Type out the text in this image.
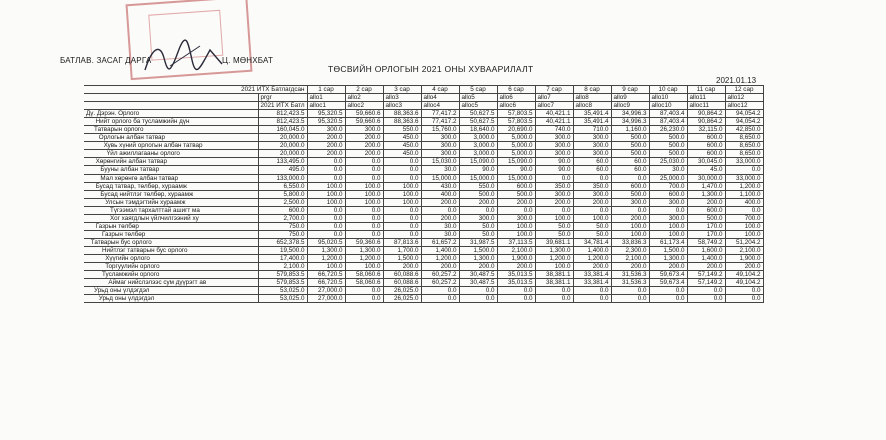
БАТЛАВ. ЗАСАГ ДАРГА	Ц. МӨНХБАТ
ТӨСВИЙН ОРЛОГЫН 2021 ОНЫ ХУВААРИЛАЛТ
2021.01.13
2021 ИТХ Батлагдсан		1 сар	2 сар	3 сар	4 сар	5 сар	6 сар	7 сар	8 сар	9 сар	10 сар	11 сар	12 сар
	prgr	allo1	allo2	allo3	allo4	allo5	allo6	allo7	allo8	allo9	allo10	allo11	allo12
	2021 ИТХ Батл	alloc1	alloc2	alloc3	alloc4	alloc5	alloc6	alloc7	alloc8	alloc9	alloc10	alloc11	alloc12
Дү. Дэрэн. Орлого	812,423.5	95,320.5	59,660.6	88,363.6	77,417.2	50,627.5	57,803.5	40,421.1	35,491.4	34,996.3	87,403.4	90,864.2	94,054.2
Нийт орлого ба тусламжийн дүн	812,423.5	95,320.5	59,660.6	88,363.6	77,417.2	50,627.5	57,803.5	40,421.1	35,491.4	34,996.3	87,403.4	90,864.2	94,054.2
Татварын орлого	160,045.0	300.0	300.0	550.0	15,760.0	18,640.0	20,690.0	740.0	710.0	1,160.0	26,230.0	32,115.0	42,850.0
Орлогын албан татвар	20,000.0	200.0	200.0	450.0	300.0	3,000.0	5,000.0	300.0	300.0	500.0	500.0	600.0	8,650.0
Хувь хүний орлогын албан татвар	20,000.0	200.0	200.0	450.0	300.0	3,000.0	5,000.0	300.0	300.0	500.0	500.0	600.0	8,650.0
Үйл ажиллагааны орлого	20,000.0	200.0	200.0	450.0	300.0	3,000.0	5,000.0	300.0	300.0	500.0	500.0	600.0	8,650.0
Хөрөнгийн албан татвар	133,495.0	0.0	0.0	0.0	15,030.0	15,090.0	15,090.0	90.0	60.0	60.0	25,030.0	30,045.0	33,000.0
Бууны албан татвар	495.0	0.0	0.0	0.0	30.0	90.0	90.0	90.0	60.0	60.0	30.0	45.0	0.0
Мал хөрөнгө албан татвар	133,000.0	0.0	0.0	0.0	15,000.0	15,000.0	15,000.0	0.0	0.0	0.0	25,000.0	30,000.0	33,000.0
Бусад татвар, төлбөр, хураамж	6,550.0	100.0	100.0	100.0	430.0	550.0	600.0	350.0	350.0	600.0	700.0	1,470.0	1,200.0
Бусад нийтлэг төлбөр, хураамж	5,800.0	100.0	100.0	100.0	400.0	500.0	500.0	300.0	300.0	500.0	600.0	1,300.0	1,100.0
Улсын тэмдэгтийн хураамж	2,500.0	100.0	100.0	100.0	200.0	200.0	200.0	200.0	200.0	300.0	300.0	200.0	400.0
Түгээмэл тархалттай ашигт ма	600.0	0.0	0.0	0.0	0.0	0.0	0.0	0.0	0.0	0.0	0.0	600.0	0.0
Хог хаягдлын үйлчилгээний ху	2,700.0	0.0	0.0	0.0	200.0	300.0	300.0	100.0	100.0	200.0	300.0	500.0	700.0
Газрын төлбөр	750.0	0.0	0.0	0.0	30.0	50.0	100.0	50.0	50.0	100.0	100.0	170.0	100.0
Газрын төлбөр	750.0	0.0	0.0	0.0	30.0	50.0	100.0	50.0	50.0	100.0	100.0	170.0	100.0
Татварын бус орлого	652,378.5	95,020.5	59,360.6	87,813.6	61,657.2	31,987.5	37,113.5	39,681.1	34,781.4	33,836.3	61,173.4	58,749.2	51,204.2
Нийтлэг татварын бус орлого	19,500.0	1,300.0	1,300.0	1,700.0	1,400.0	1,500.0	2,100.0	1,300.0	1,400.0	2,300.0	1,500.0	1,600.0	2,100.0
Хүүгийн орлого	17,400.0	1,200.0	1,200.0	1,500.0	1,200.0	1,300.0	1,900.0	1,200.0	1,200.0	2,100.0	1,300.0	1,400.0	1,900.0
Торгуулийн орлого	2,100.0	100.0	100.0	200.0	200.0	200.0	200.0	100.0	200.0	200.0	200.0	200.0	200.0
Тусламжийн орлого	579,853.5	66,720.5	58,060.6	60,088.6	60,257.2	30,487.5	35,013.5	38,381.1	33,381.4	31,536.3	59,673.4	57,149.2	49,104.2
Аймаг нийслэлээс сум дүүрэгт ав	579,853.5	66,720.5	58,060.6	60,088.6	60,257.2	30,487.5	35,013.5	38,381.1	33,381.4	31,536.3	59,673.4	57,149.2	49,104.2
Урьд оны үлдэгдэл	53,025.0	27,000.0	0.0	26,025.0	0.0	0.0	0.0	0.0	0.0	0.0	0.0	0.0	0.0
Урьд оны үлдэгдэл	53,025.0	27,000.0	0.0	26,025.0	0.0	0.0	0.0	0.0	0.0	0.0	0.0	0.0	0.0
